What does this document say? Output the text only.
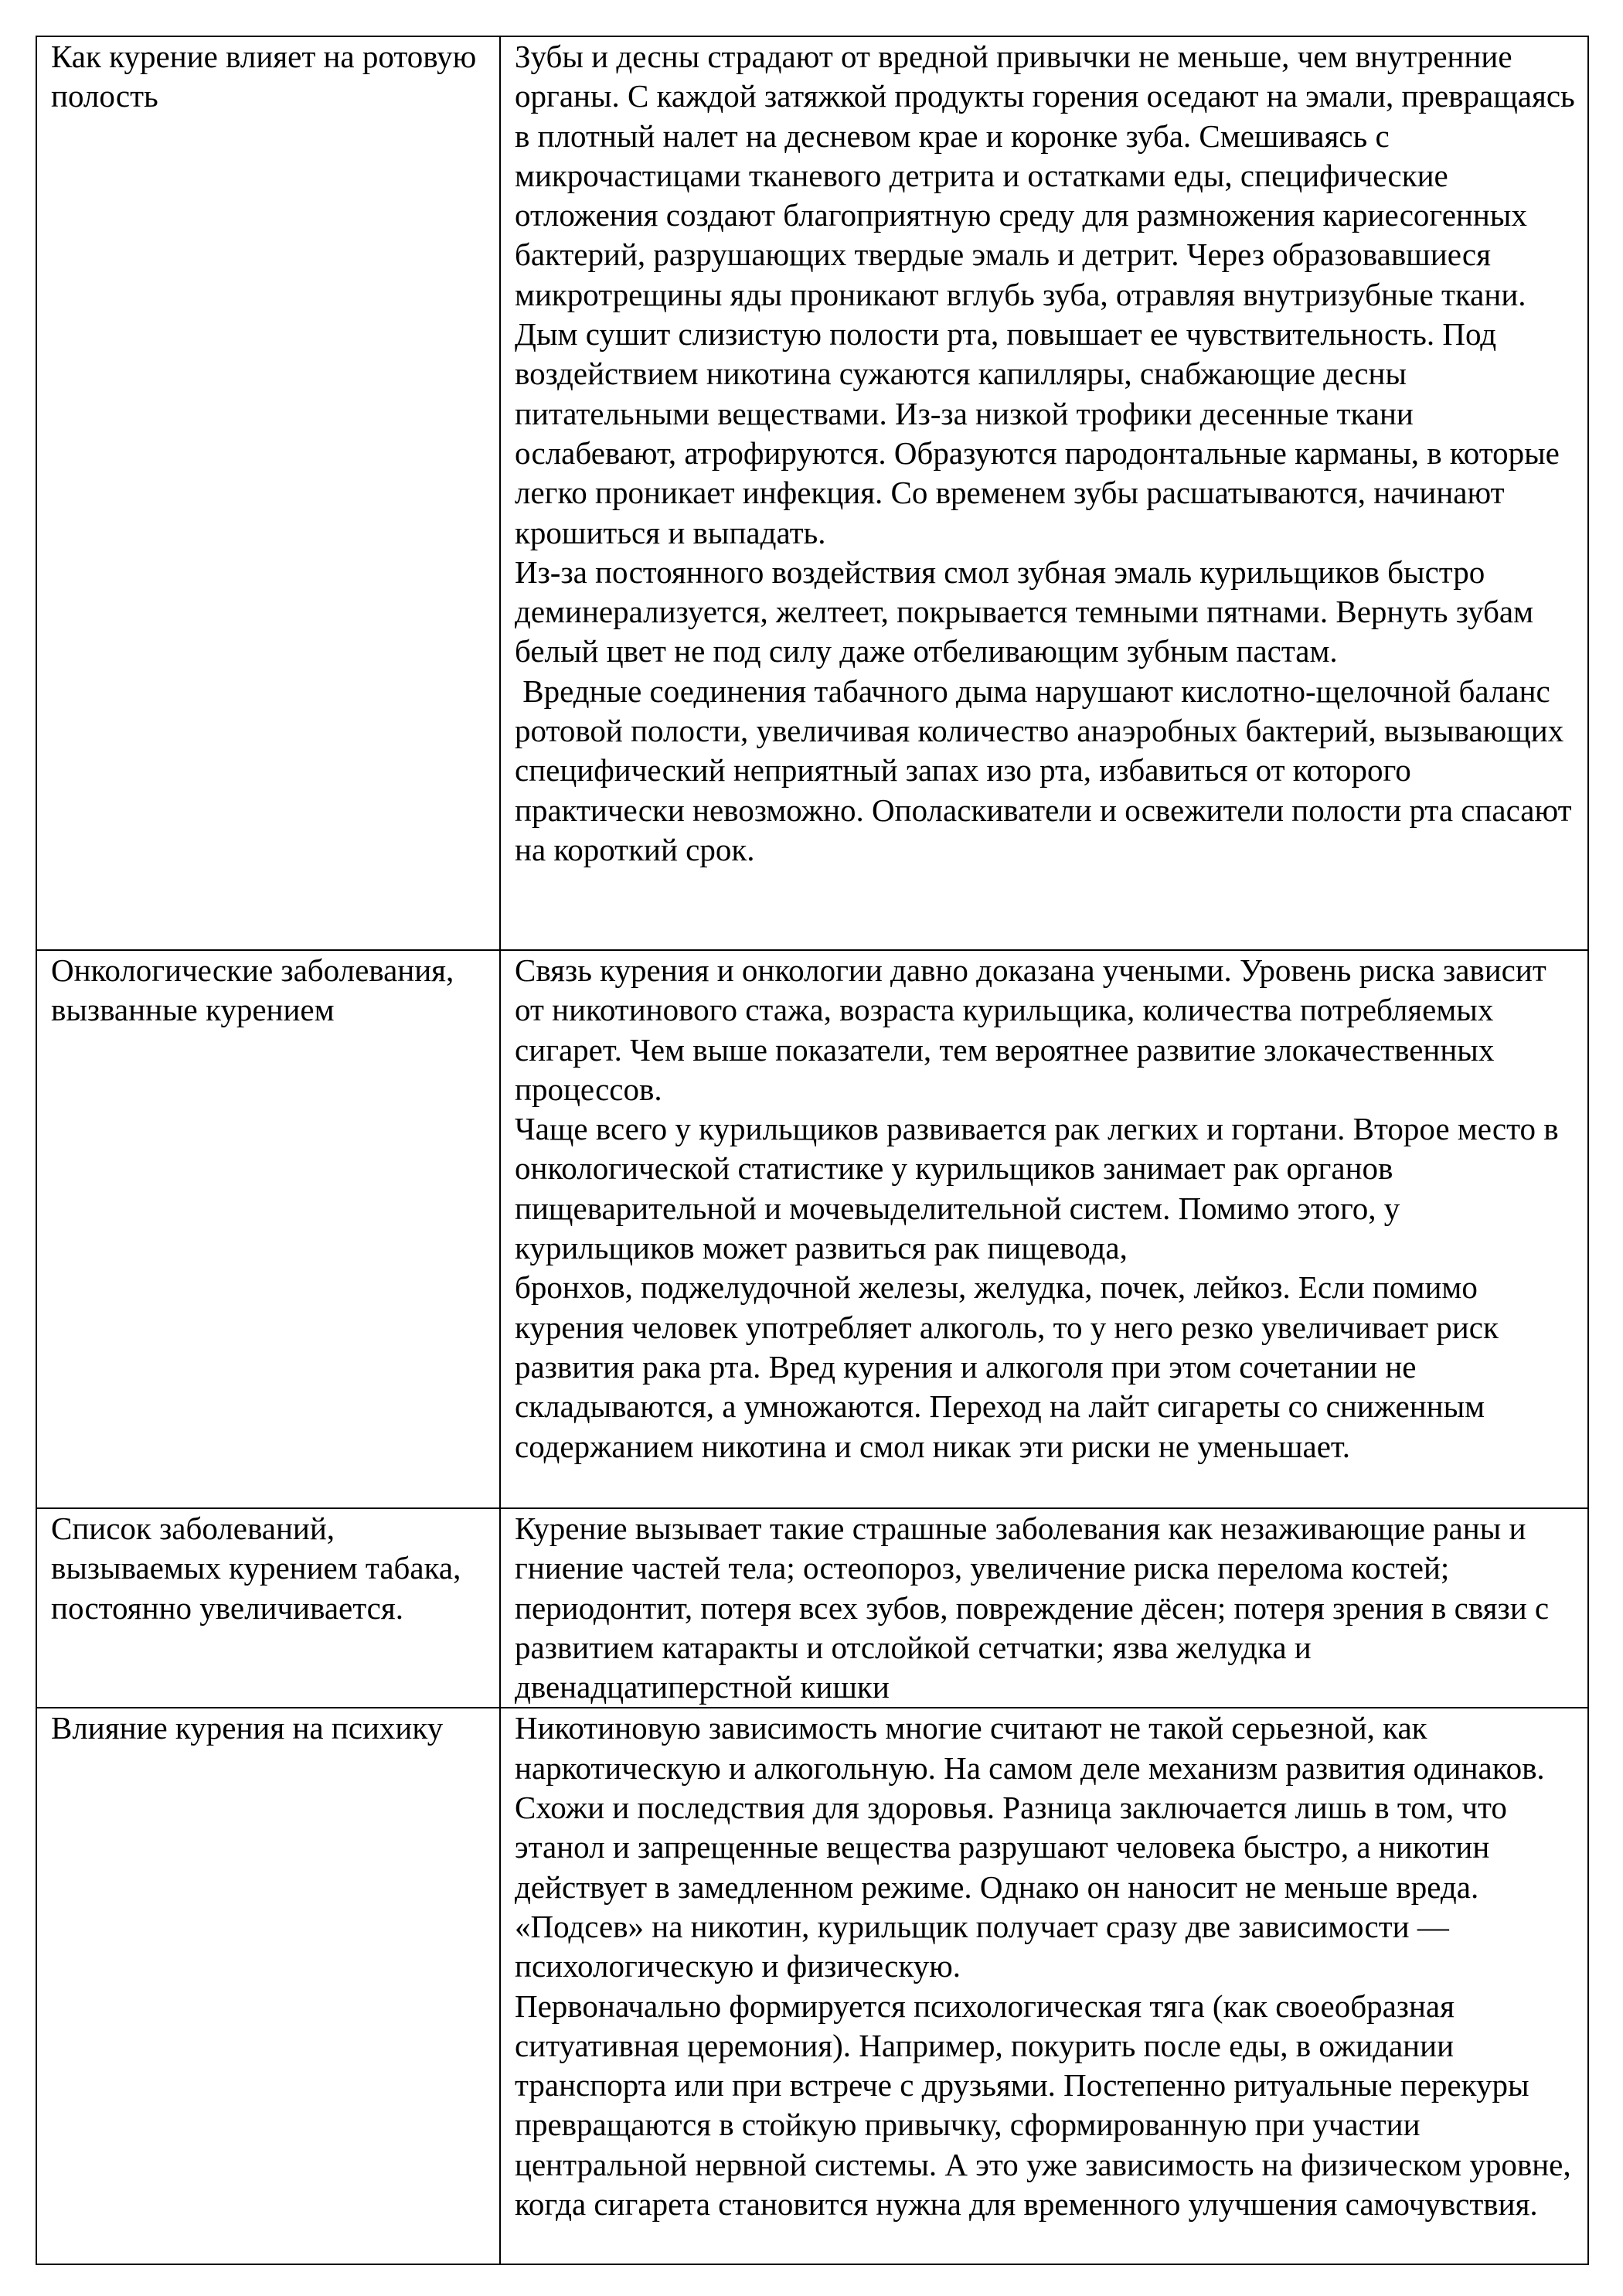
Как курение влияет на ротовую полость	Зубы и десны страдают от вредной привычки не меньше, чем внутренние органы. С каждой затяжкой продукты горения оседают на эмали, превращаясь в плотный налет на десневом крае и коронке зуба. Смешиваясь с микрочастицами тканевого детрита и остатками еды, специфические отложения создают благоприятную среду для размножения кариесогенных бактерий, разрушающих твердые эмаль и детрит. Через образовавшиеся микротрещины яды проникают вглубь зуба, отравляя внутризубные ткани.
Дым сушит слизистую полости рта, повышает ее чувствительность. Под воздействием никотина сужаются капилляры, снабжающие десны питательными веществами. Из-за низкой трофики десенные ткани ослабевают, атрофируются. Образуются пародонтальные карманы, в которые легко проникает инфекция. Со временем зубы расшатываются, начинают крошиться и выпадать.
Из-за постоянного воздействия смол зубная эмаль курильщиков быстро деминерализуется, желтеет, покрывается темными пятнами. Вернуть зубам белый цвет не под силу даже отбеливающим зубным пастам.
Вредные соединения табачного дыма нарушают кислотно-щелочной баланс ротовой полости, увеличивая количество анаэробных бактерий, вызывающих специфический неприятный запах изо рта, избавиться от которого практически невозможно. Ополаскиватели и освежители полости рта спасают на короткий срок.

Онкологические заболевания, вызванные курением	Связь курения и онкологии давно доказана учеными. Уровень риска зависит от никотинового стажа, возраста курильщика, количества потребляемых сигарет. Чем выше показатели, тем вероятнее развитие злокачественных процессов.
Чаще всего у курильщиков развивается рак легких и гортани. Второе место в онкологической статистике у курильщиков занимает рак органов пищеварительной и мочевыделительной систем. Помимо этого, у курильщиков может развиться рак пищевода,
бронхов, поджелудочной железы, желудка, почек, лейкоз. Если помимо курения человек употребляет алкоголь, то у него резко увеличивает риск развития рака рта. Вред курения и алкоголя при этом сочетании не складываются, а умножаются. Переход на лайт сигареты со сниженным содержанием никотина и смол никак эти риски не уменьшает.

Список заболеваний, вызываемых курением табака, постоянно увеличивается.	Курение вызывает такие страшные заболевания как незаживающие раны и гниение частей тела; остеопороз, увеличение риска перелома костей; периодонтит, потеря всех зубов, повреждение дёсен; потеря зрения в связи с развитием катаракты и отслойкой сетчатки; язва желудка и двенадцатиперстной кишки

Влияние курения на психику	Никотиновую зависимость многие считают не такой серьезной, как наркотическую и алкогольную. На самом деле механизм развития одинаков. Схожи и последствия для здоровья. Разница заключается лишь в том, что этанол и запрещенные вещества разрушают человека быстро, а никотин действует в замедленном режиме. Однако он наносит не меньше вреда. «Подсев» на никотин, курильщик получает сразу две зависимости — психологическую и физическую.
Первоначально формируется психологическая тяга (как своеобразная ситуативная церемония). Например, покурить после еды, в ожидании транспорта или при встрече с друзьями. Постепенно ритуальные перекуры превращаются в стойкую привычку, сформированную при участии центральной нервной системы. А это уже зависимость на физическом уровне, когда сигарета становится нужна для временного улучшения самочувствия.
